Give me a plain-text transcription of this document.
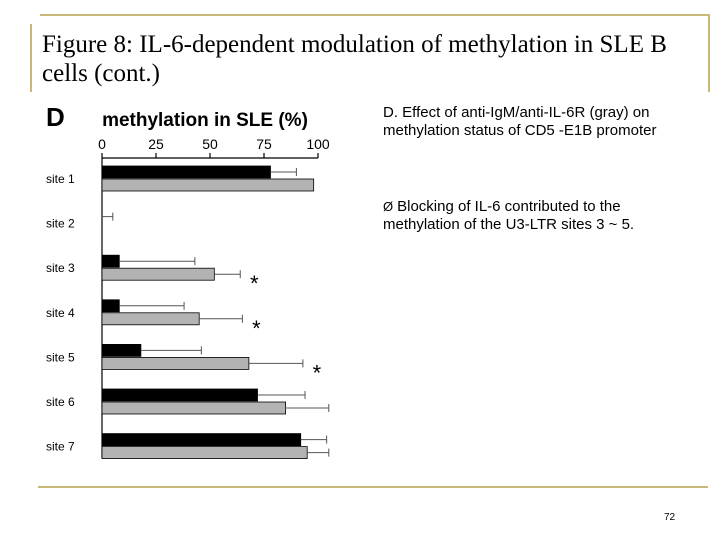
Figure 8: IL-6-dependent modulation of methylation in SLE B cells (cont.)
D methylation in SLE (%)
0	25	50	75 100
site 1
site 2
site 3
site 4
site 5
site 6
site 7
*
*
*

D. Effect of anti-IgM/anti-IL-6R (gray) on methylation status of CD5 -E1B promoter

Ø Blocking of IL-6 contributed to the methylation of the U3-LTR sites 3 ~ 5.
72
